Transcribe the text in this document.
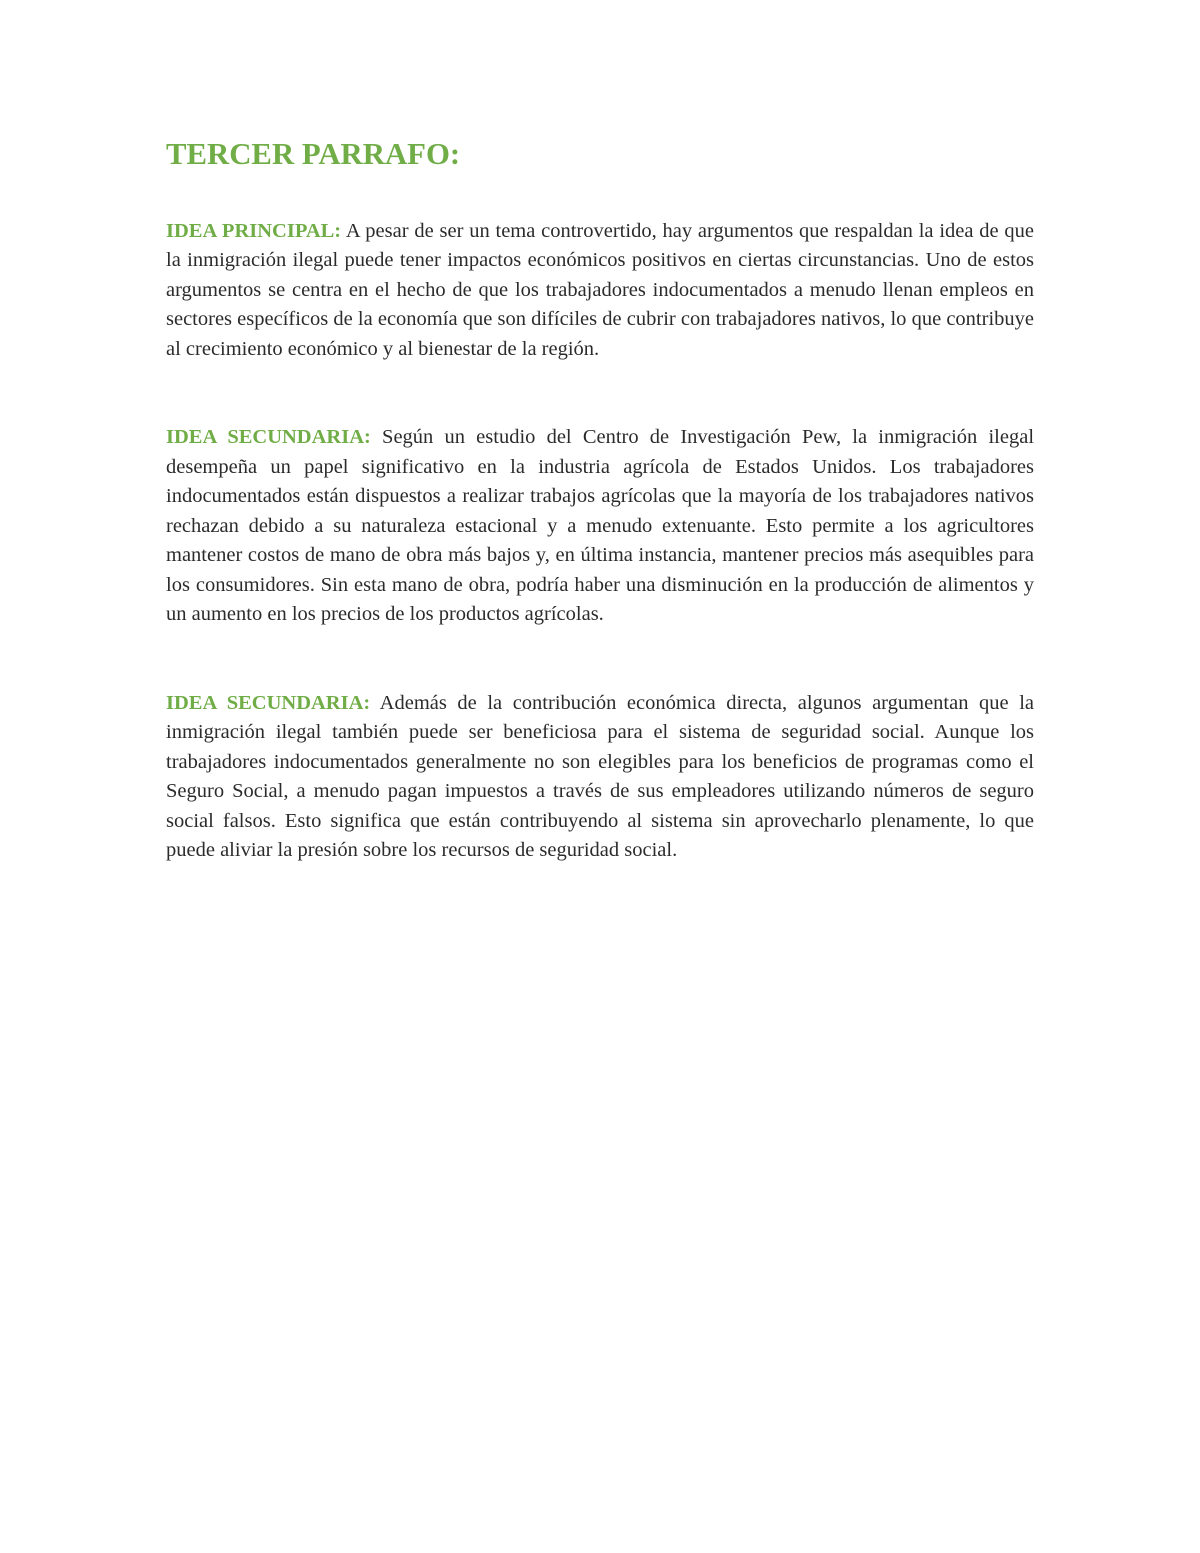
TERCER PARRAFO:

IDEA PRINCIPAL: A pesar de ser un tema controvertido, hay argumentos que respaldan la idea de que la inmigración ilegal puede tener impactos económicos positivos en ciertas circunstancias. Uno de estos argumentos se centra en el hecho de que los trabajadores indocumentados a menudo llenan empleos en sectores específicos de la economía que son difíciles de cubrir con trabajadores nativos, lo que contribuye al crecimiento económico y al bienestar de la región.

IDEA SECUNDARIA: Según un estudio del Centro de Investigación Pew, la inmigración ilegal desempeña un papel significativo en la industria agrícola de Estados Unidos. Los trabajadores indocumentados están dispuestos a realizar trabajos agrícolas que la mayoría de los trabajadores nativos rechazan debido a su naturaleza estacional y a menudo extenuante. Esto permite a los agricultores mantener costos de mano de obra más bajos y, en última instancia, mantener precios más asequibles para los consumidores. Sin esta mano de obra, podría haber una disminución en la producción de alimentos y un aumento en los precios de los productos agrícolas.

IDEA SECUNDARIA: Además de la contribución económica directa, algunos argumentan que la inmigración ilegal también puede ser beneficiosa para el sistema de seguridad social. Aunque los trabajadores indocumentados generalmente no son elegibles para los beneficios de programas como el Seguro Social, a menudo pagan impuestos a través de sus empleadores utilizando números de seguro social falsos. Esto significa que están contribuyendo al sistema sin aprovecharlo plenamente, lo que puede aliviar la presión sobre los recursos de seguridad social.
